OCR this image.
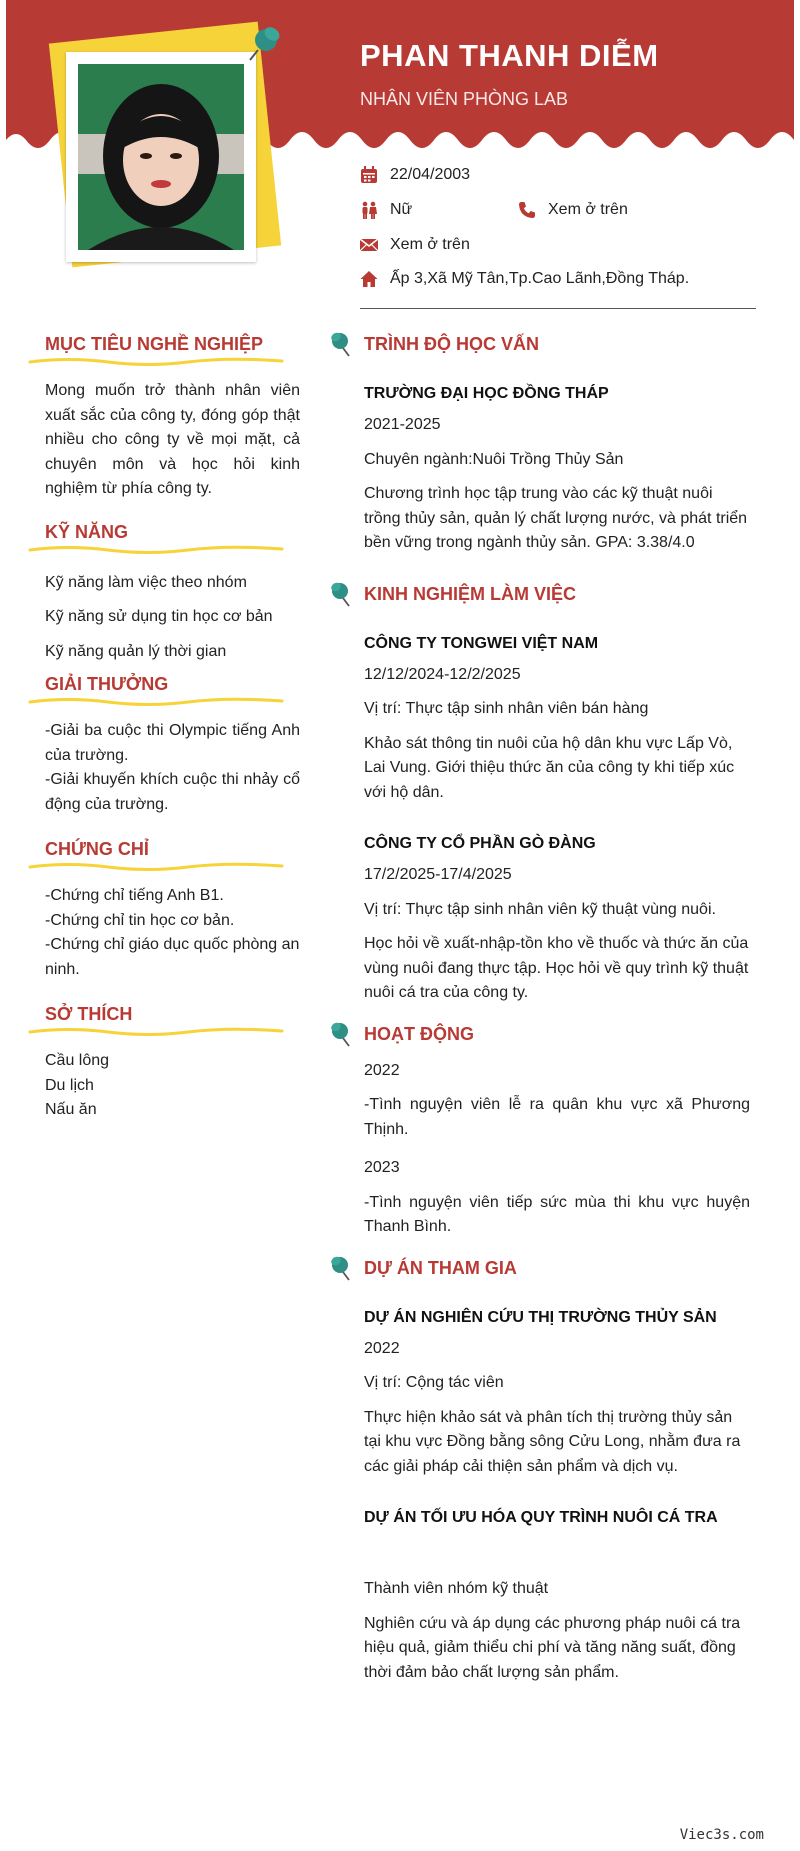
PHAN THANH DIỄM
NHÂN VIÊN PHÒNG LAB
22/04/2003
Nữ	Xem ở trên
Xem ở trên
Ấp 3,Xã Mỹ Tân,Tp.Cao Lãnh,Đồng Tháp.
MỤC TIÊU NGHỀ NGHIỆP
Mong muốn trở thành nhân viên xuất sắc của công ty, đóng góp thật nhiều cho công ty về mọi mặt, cả chuyên môn và học hỏi kinh nghiệm từ phía công ty.
KỸ NĂNG
Kỹ năng làm việc theo nhóm
Kỹ năng sử dụng tin học cơ bản
Kỹ năng quản lý thời gian
GIẢI THƯỞNG
-Giải ba cuộc thi Olympic tiếng Anh của trường.
-Giải khuyến khích cuộc thi nhảy cổ động của trường.
CHỨNG CHỈ
-Chứng chỉ tiếng Anh B1.
-Chứng chỉ tin học cơ bản.
-Chứng chỉ giáo dục quốc phòng an ninh.
SỞ THÍCH
Cầu lông
Du lịch
Nấu ăn
TRÌNH ĐỘ HỌC VẤN
TRƯỜNG ĐẠI HỌC ĐỒNG THÁP
2021-2025
Chuyên ngành:Nuôi Trồng Thủy Sản
Chương trình học tập trung vào các kỹ thuật nuôi trồng thủy sản, quản lý chất lượng nước, và phát triển bền vững trong ngành thủy sản. GPA: 3.38/4.0
KINH NGHIỆM LÀM VIỆC
CÔNG TY TONGWEI VIỆT NAM
12/12/2024-12/2/2025
Vị trí: Thực tập sinh nhân viên bán hàng
Khảo sát thông tin nuôi của hộ dân khu vực Lấp Vò, Lai Vung. Giới thiệu thức ăn của công ty khi tiếp xúc với hộ dân.
CÔNG TY CỔ PHẦN GÒ ĐÀNG
17/2/2025-17/4/2025
Vị trí: Thực tập sinh nhân viên kỹ thuật vùng nuôi.
Học hỏi về xuất-nhập-tồn kho về thuốc và thức ăn của vùng nuôi đang thực tập. Học hỏi về quy trình kỹ thuật nuôi cá tra của công ty.
HOẠT ĐỘNG
2022
-Tình nguyện viên lễ ra quân khu vực xã Phương Thịnh.
2023
-Tình nguyện viên tiếp sức mùa thi khu vực huyện Thanh Bình.
DỰ ÁN THAM GIA
DỰ ÁN NGHIÊN CỨU THỊ TRƯỜNG THỦY SẢN
2022
Vị trí: Cộng tác viên
Thực hiện khảo sát và phân tích thị trường thủy sản tại khu vực Đồng bằng sông Cửu Long, nhằm đưa ra các giải pháp cải thiện sản phẩm và dịch vụ.
DỰ ÁN TỐI ƯU HÓA QUY TRÌNH NUÔI CÁ TRA
Thành viên nhóm kỹ thuật
Nghiên cứu và áp dụng các phương pháp nuôi cá tra hiệu quả, giảm thiểu chi phí và tăng năng suất, đồng thời đảm bảo chất lượng sản phẩm.
Viec3s.com
